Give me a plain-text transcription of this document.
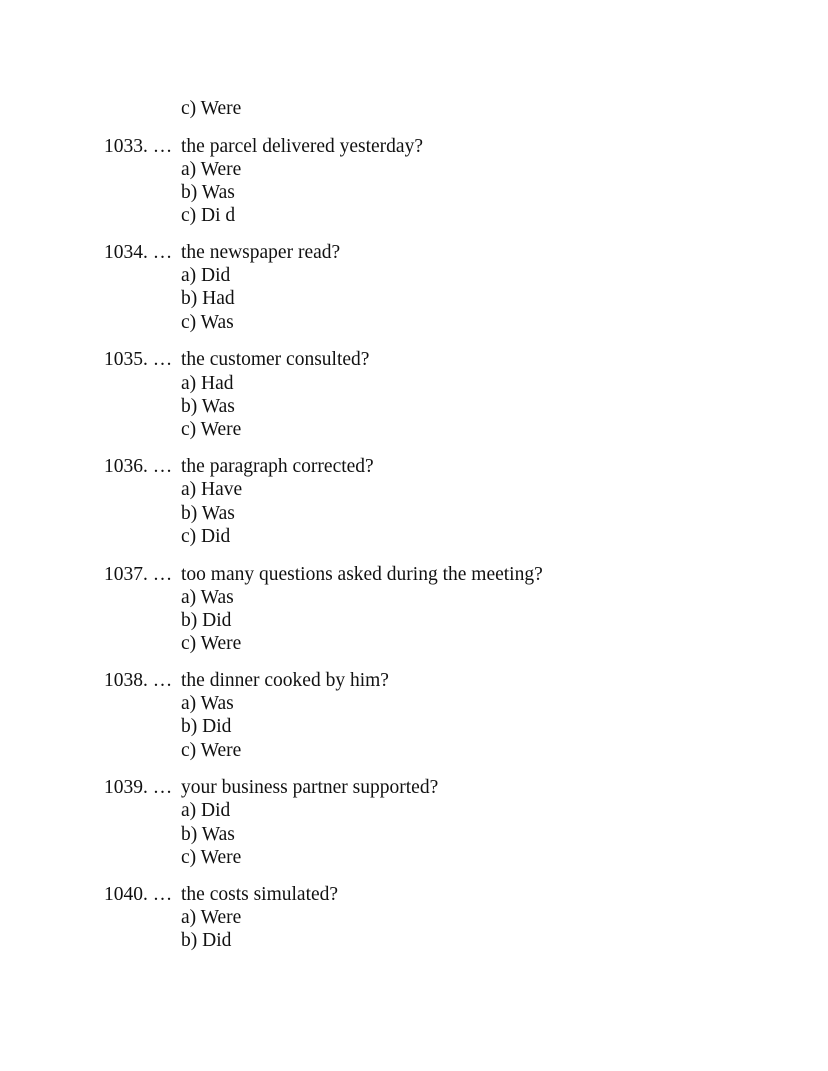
c) Were
1033. … the parcel delivered yesterday?
a) Were
b) Was
c) Di d
1034. … the newspaper read?
a) Did
b) Had
c) Was
1035. … the customer consulted?
a) Had
b) Was
c) Were
1036. … the paragraph corrected?
a) Have
b) Was
c) Did
1037. … too many questions asked during the meeting?
a) Was
b) Did
c) Were
1038. … the dinner cooked by him?
a) Was
b) Did
c) Were
1039. … your business partner supported?
a) Did
b) Was
c) Were
1040. … the costs simulated?
a) Were
b) Did
